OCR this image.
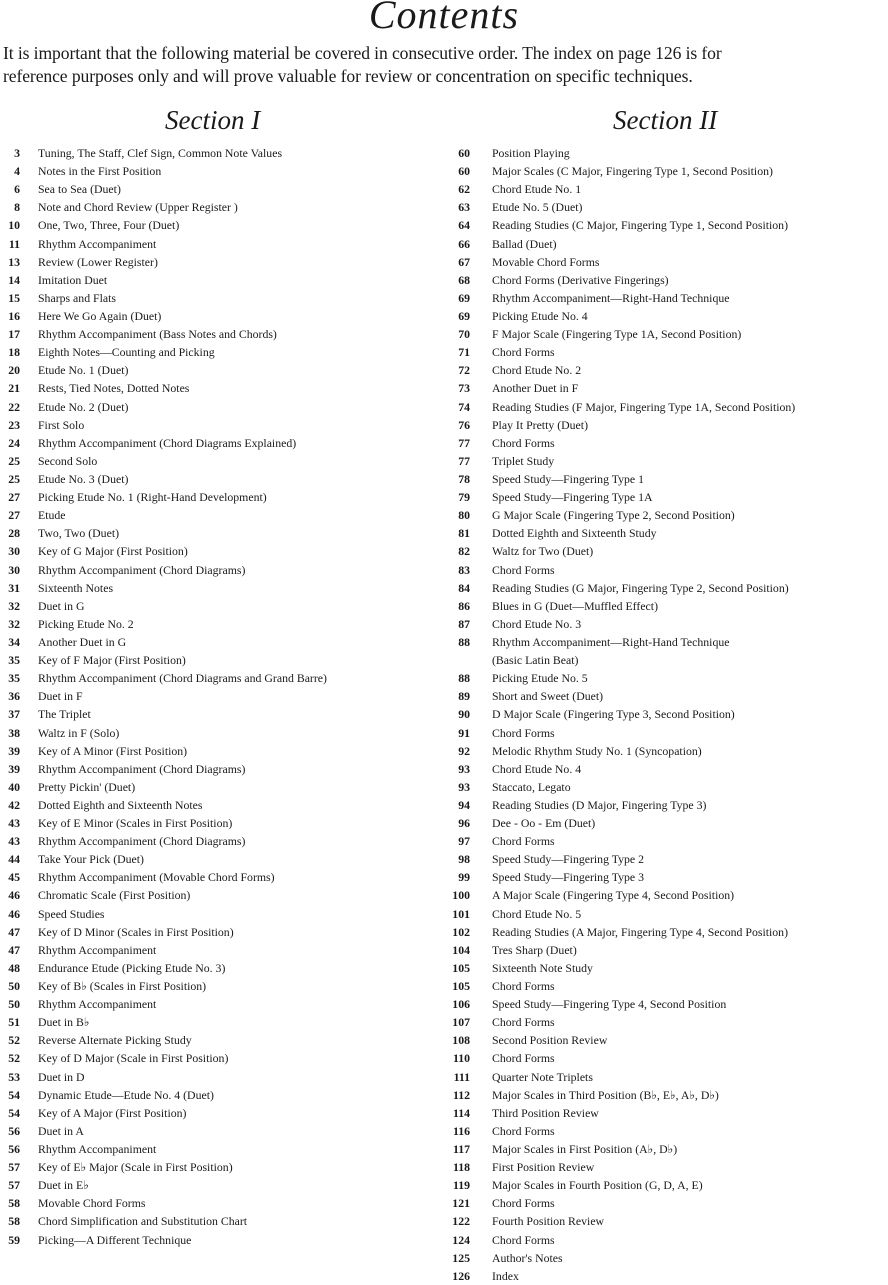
Contents
It is important that the following material be covered in consecutive order. The index on page 126 is for
reference purposes only and will prove valuable for review or concentration on specific techniques.
Section I	Section II
3 Tuning, The Staff, Clef Sign, Common Note Values
4 Notes in the First Position
6 Sea to Sea (Duet)
8 Note and Chord Review (Upper Register )
10 One, Two, Three, Four (Duet)
11 Rhythm Accompaniment
13 Review (Lower Register)
14 Imitation Duet
15 Sharps and Flats
16 Here We Go Again (Duet)
17 Rhythm Accompaniment (Bass Notes and Chords)
18 Eighth Notes—Counting and Picking
20 Etude No. 1 (Duet)
21 Rests, Tied Notes, Dotted Notes
22 Etude No. 2 (Duet)
23 First Solo
24 Rhythm Accompaniment (Chord Diagrams Explained)
25 Second Solo
25 Etude No. 3 (Duet)
27 Picking Etude No. 1 (Right-Hand Development)
27 Etude
28 Two, Two (Duet)
30 Key of G Major (First Position)
30 Rhythm Accompaniment (Chord Diagrams)
31 Sixteenth Notes
32 Duet in G
32 Picking Etude No. 2
34 Another Duet in G
35 Key of F Major (First Position)
35 Rhythm Accompaniment (Chord Diagrams and Grand Barre)
36 Duet in F
37 The Triplet
38 Waltz in F (Solo)
39 Key of A Minor (First Position)
39 Rhythm Accompaniment (Chord Diagrams)
40 Pretty Pickin' (Duet)
42 Dotted Eighth and Sixteenth Notes
43 Key of E Minor (Scales in First Position)
43 Rhythm Accompaniment (Chord Diagrams)
44 Take Your Pick (Duet)
45 Rhythm Accompaniment (Movable Chord Forms)
46 Chromatic Scale (First Position)
46 Speed Studies
47 Key of D Minor (Scales in First Position)
47 Rhythm Accompaniment
48 Endurance Etude (Picking Etude No. 3)
50 Key of B♭ (Scales in First Position)
50 Rhythm Accompaniment
51 Duet in B♭
52 Reverse Alternate Picking Study
52 Key of D Major (Scale in First Position)
53 Duet in D
54 Dynamic Etude—Etude No. 4 (Duet)
54 Key of A Major (First Position)
56 Duet in A
56 Rhythm Accompaniment
57 Key of E♭ Major (Scale in First Position)
57 Duet in E♭
58 Movable Chord Forms
58 Chord Simplification and Substitution Chart
59 Picking—A Different Technique
60 Position Playing
60 Major Scales (C Major, Fingering Type 1, Second Position)
62 Chord Etude No. 1
63 Etude No. 5 (Duet)
64 Reading Studies (C Major, Fingering Type 1, Second Position)
66 Ballad (Duet)
67 Movable Chord Forms
68 Chord Forms (Derivative Fingerings)
69 Rhythm Accompaniment—Right-Hand Technique
69 Picking Etude No. 4
70 F Major Scale (Fingering Type 1A, Second Position)
71 Chord Forms
72 Chord Etude No. 2
73 Another Duet in F
74 Reading Studies (F Major, Fingering Type 1A, Second Position)
76 Play It Pretty (Duet)
77 Chord Forms
77 Triplet Study
78 Speed Study—Fingering Type 1
79 Speed Study—Fingering Type 1A
80 G Major Scale (Fingering Type 2, Second Position)
81 Dotted Eighth and Sixteenth Study
82 Waltz for Two (Duet)
83 Chord Forms
84 Reading Studies (G Major, Fingering Type 2, Second Position)
86 Blues in G (Duet—Muffled Effect)
87 Chord Etude No. 3
88 Rhythm Accompaniment—Right-Hand Technique
(Basic Latin Beat)
88 Picking Etude No. 5
89 Short and Sweet (Duet)
90 D Major Scale (Fingering Type 3, Second Position)
91 Chord Forms
92 Melodic Rhythm Study No. 1 (Syncopation)
93 Chord Etude No. 4
93 Staccato, Legato
94 Reading Studies (D Major, Fingering Type 3)
96 Dee - Oo - Em (Duet)
97 Chord Forms
98 Speed Study—Fingering Type 2
99 Speed Study—Fingering Type 3
100 A Major Scale (Fingering Type 4, Second Position)
101 Chord Etude No. 5
102 Reading Studies (A Major, Fingering Type 4, Second Position)
104 Tres Sharp (Duet)
105 Sixteenth Note Study
105 Chord Forms
106 Speed Study—Fingering Type 4, Second Position
107 Chord Forms
108 Second Position Review
110 Chord Forms
111 Quarter Note Triplets
112 Major Scales in Third Position (B♭, E♭, A♭, D♭)
114 Third Position Review
116 Chord Forms
117 Major Scales in First Position (A♭, D♭)
118 First Position Review
119 Major Scales in Fourth Position (G, D, A, E)
121 Chord Forms
122 Fourth Position Review
124 Chord Forms
125 Author's Notes
126 Index
